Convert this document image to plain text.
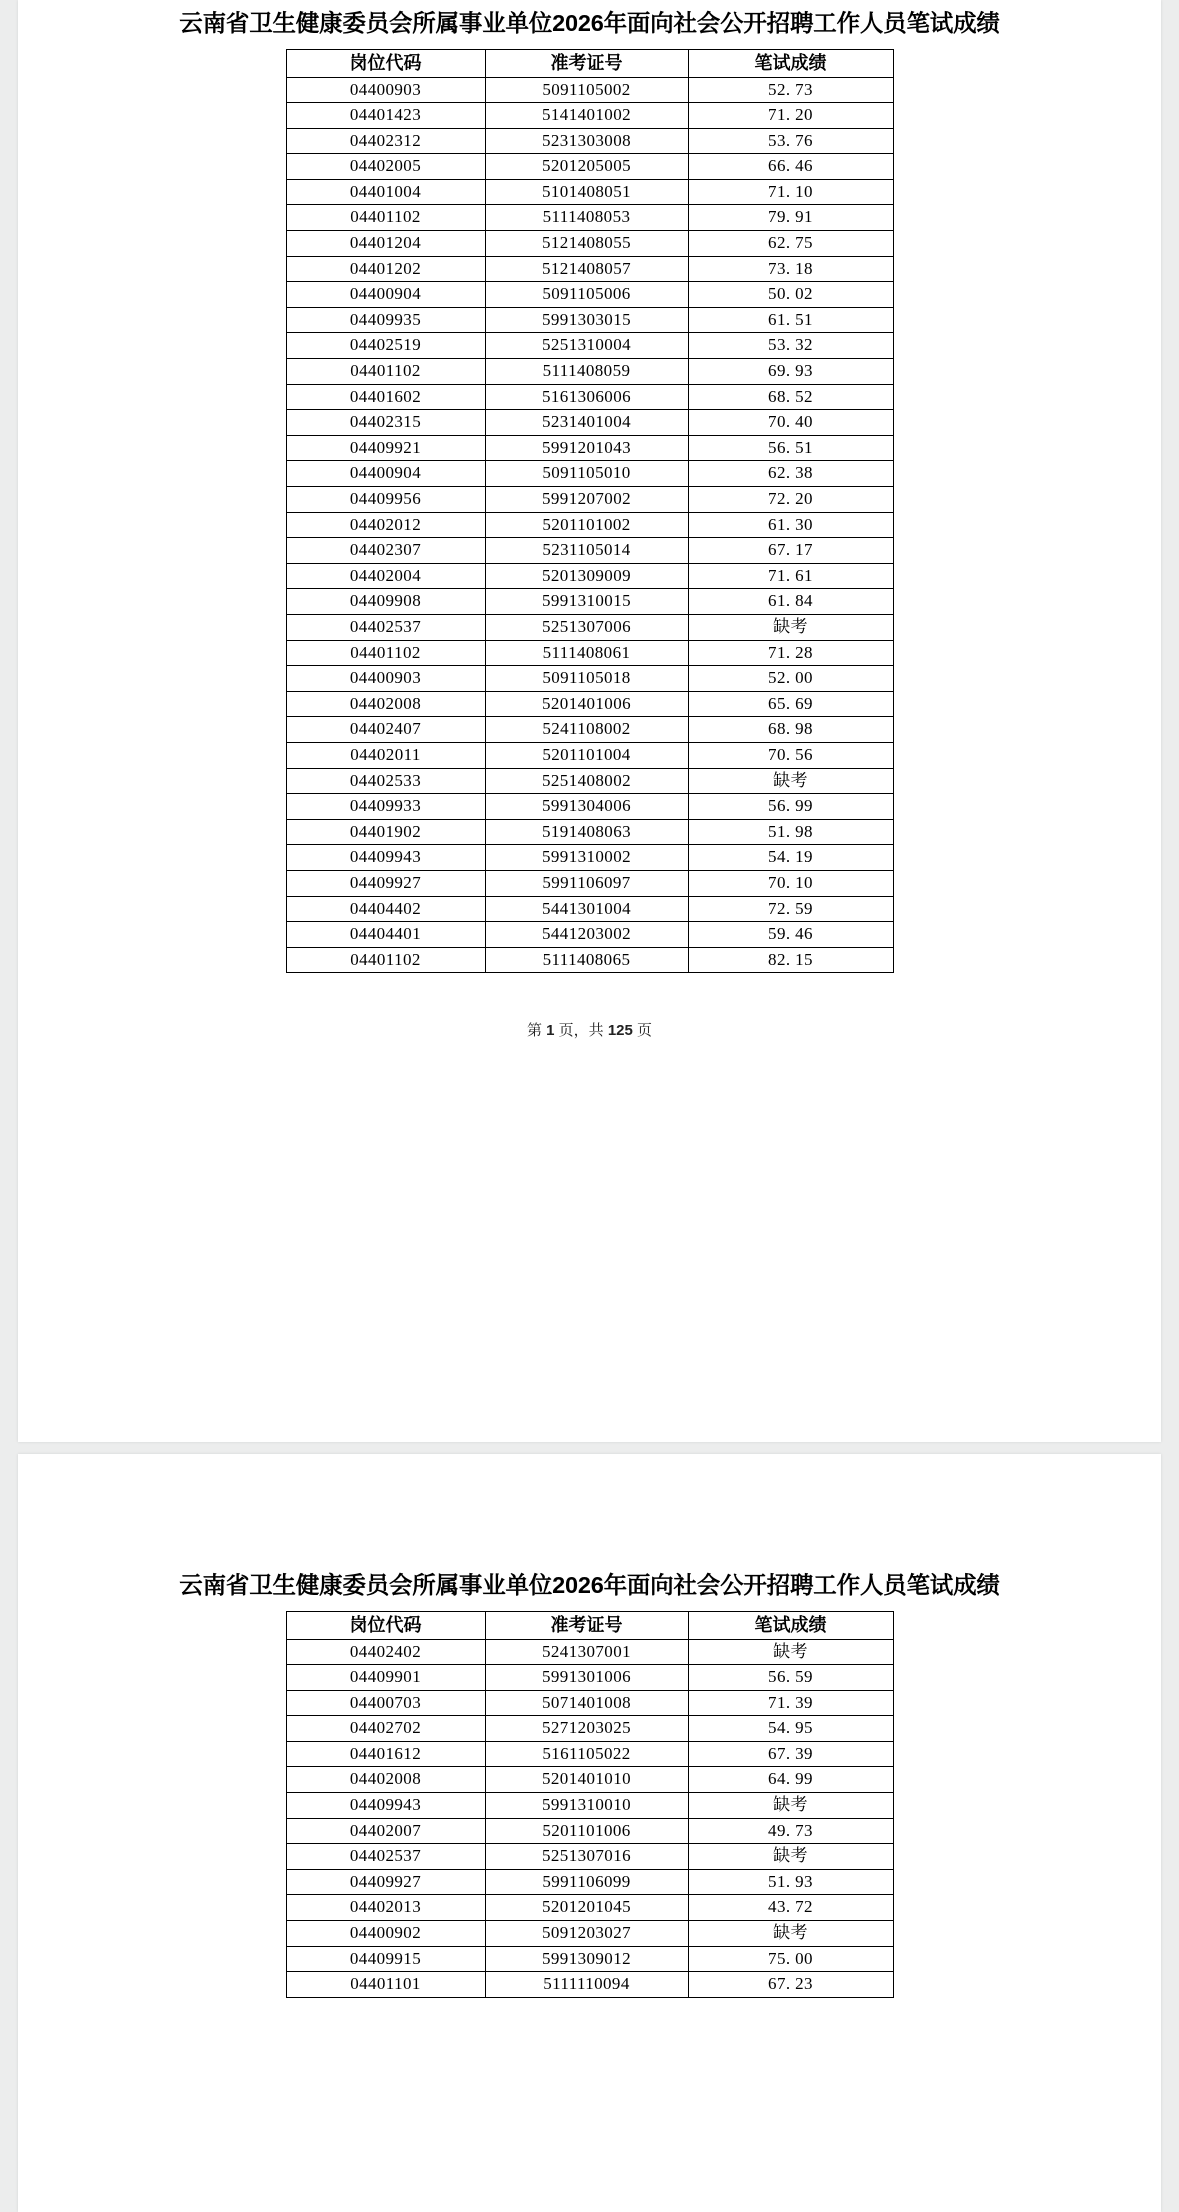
云南省卫生健康委员会所属事业单位2026年面向社会公开招聘工作人员笔试成绩
岗位代码	准考证号	笔试成绩
04400903	5091105002	52. 73
04401423	5141401002	71. 20
04402312	5231303008	53. 76
04402005	5201205005	66. 46
04401004	5101408051	71. 10
04401102	5111408053	79. 91
04401204	5121408055	62. 75
04401202	5121408057	73. 18
04400904	5091105006	50. 02
04409935	5991303015	61. 51
04402519	5251310004	53. 32
04401102	5111408059	69. 93
04401602	5161306006	68. 52
04402315	5231401004	70. 40
04409921	5991201043	56. 51
04400904	5091105010	62. 38
04409956	5991207002	72. 20
04402012	5201101002	61. 30
04402307	5231105014	67. 17
04402004	5201309009	71. 61
04409908	5991310015	61. 84
04402537	5251307006	缺考
04401102	5111408061	71. 28
04400903	5091105018	52. 00
04402008	5201401006	65. 69
04402407	5241108002	68. 98
04402011	5201101004	70. 56
04402533	5251408002	缺考
04409933	5991304006	56. 99
04401902	5191408063	51. 98
04409943	5991310002	54. 19
04409927	5991106097	70. 10
04404402	5441301004	72. 59
04404401	5441203002	59. 46
04401102	5111408065	82. 15
第 1 页，共 125 页
云南省卫生健康委员会所属事业单位2026年面向社会公开招聘工作人员笔试成绩
岗位代码	准考证号	笔试成绩
04402402	5241307001	缺考
04409901	5991301006	56. 59
04400703	5071401008	71. 39
04402702	5271203025	54. 95
04401612	5161105022	67. 39
04402008	5201401010	64. 99
04409943	5991310010	缺考
04402007	5201101006	49. 73
04402537	5251307016	缺考
04409927	5991106099	51. 93
04402013	5201201045	43. 72
04400902	5091203027	缺考
04409915	5991309012	75. 00
04401101	5111110094	67. 23
